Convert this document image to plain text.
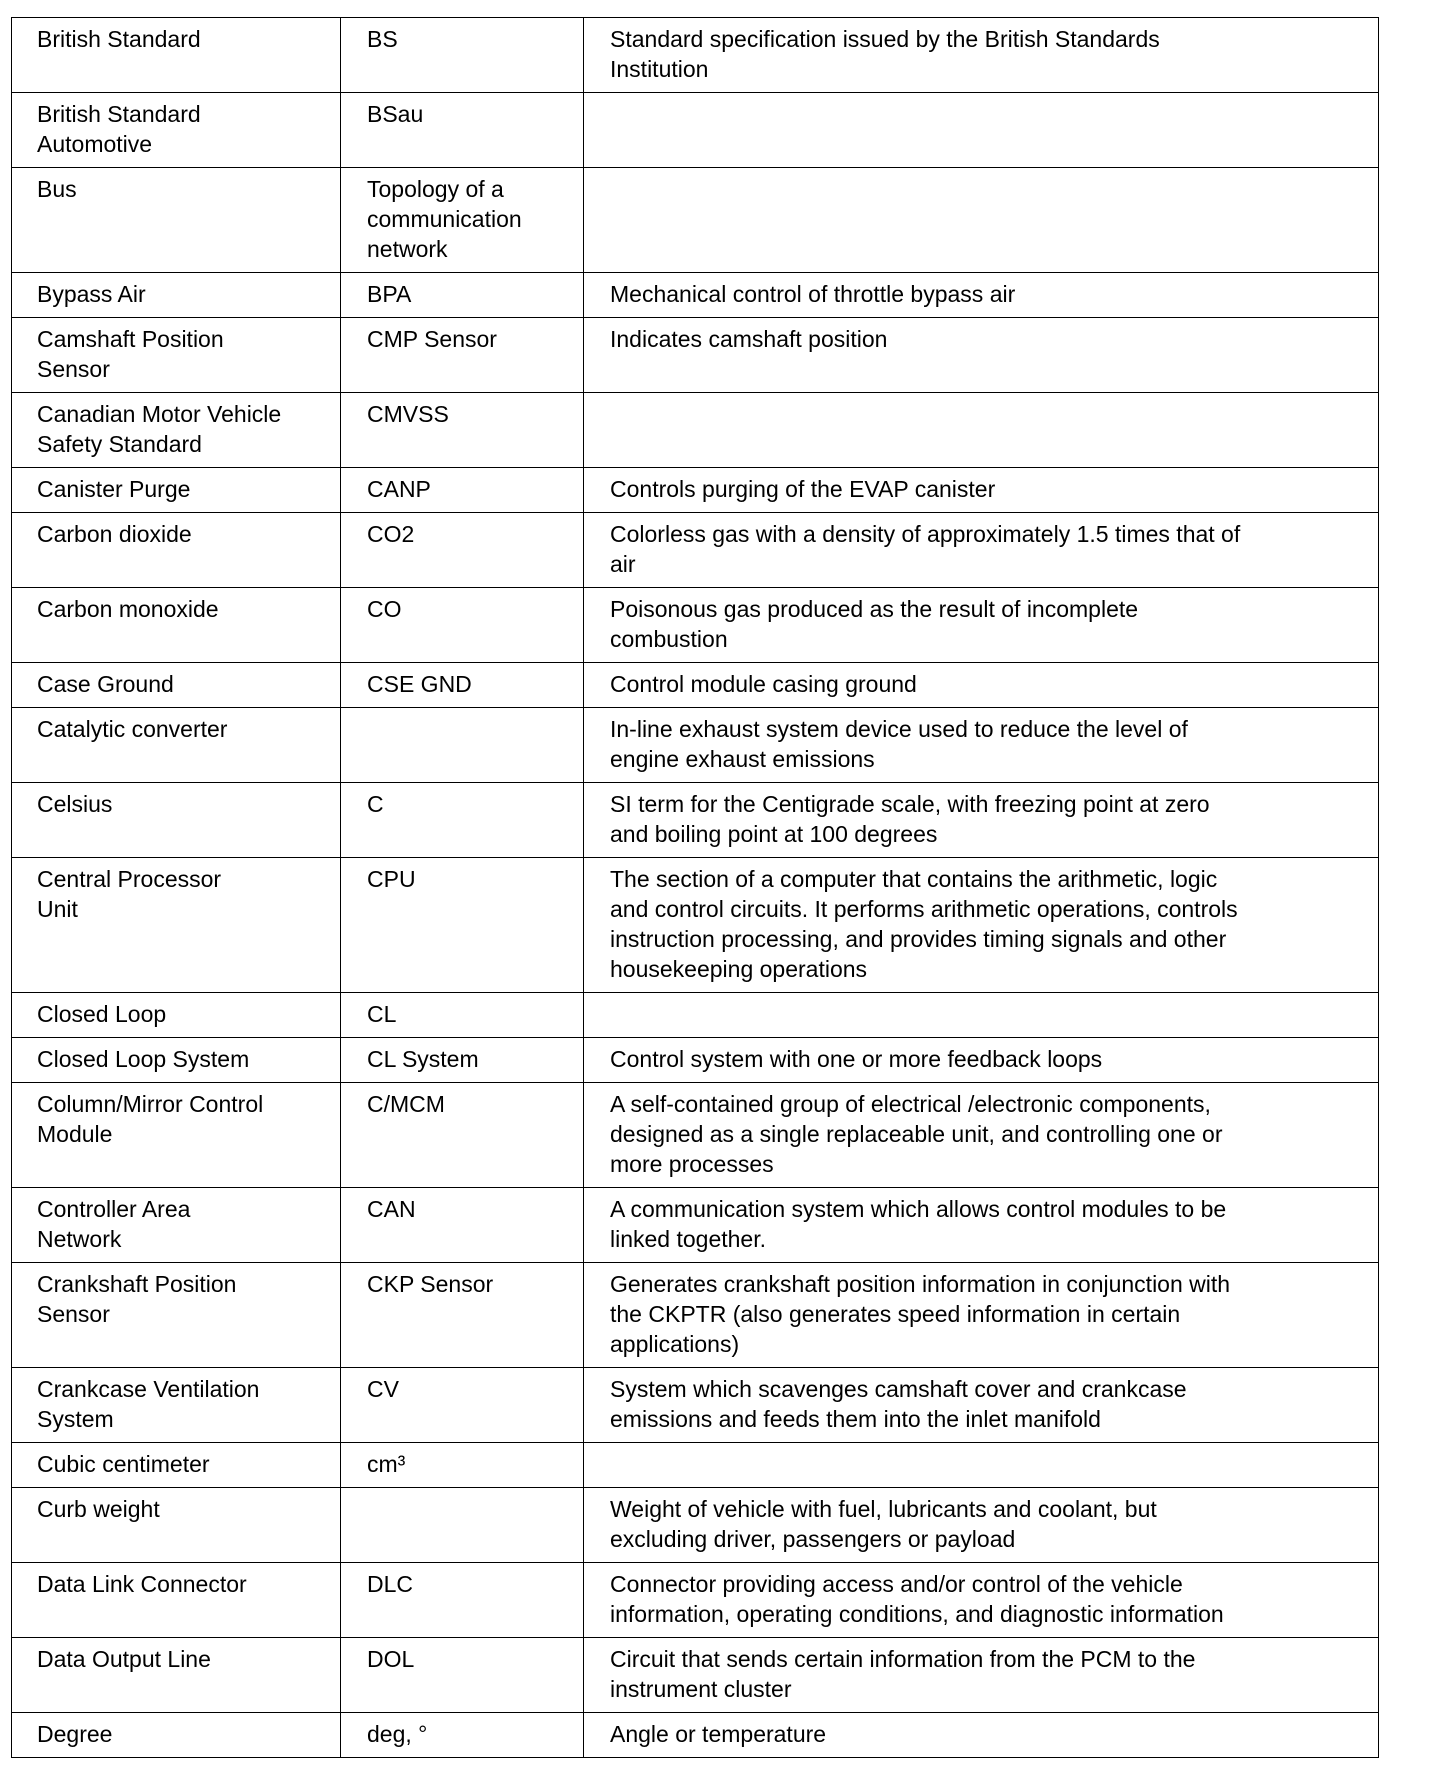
British Standard	BS	Standard specification issued by the British Standards
Institution
British Standard
Automotive	BSau	
Bus	Topology of a
communication
network	
Bypass Air	BPA	Mechanical control of throttle bypass air
Camshaft Position
Sensor	CMP Sensor	Indicates camshaft position
Canadian Motor Vehicle
Safety Standard	CMVSS	
Canister Purge	CANP	Controls purging of the EVAP canister
Carbon dioxide	CO2	Colorless gas with a density of approximately 1.5 times that of
air
Carbon monoxide	CO	Poisonous gas produced as the result of incomplete
combustion
Case Ground	CSE GND	Control module casing ground
Catalytic converter		In-line exhaust system device used to reduce the level of
engine exhaust emissions
Celsius	C	SI term for the Centigrade scale, with freezing point at zero
and boiling point at 100 degrees
Central Processor
Unit	CPU	The section of a computer that contains the arithmetic, logic
and control circuits. It performs arithmetic operations, controls
instruction processing, and provides timing signals and other
housekeeping operations
Closed Loop	CL	
Closed Loop System	CL System	Control system with one or more feedback loops
Column/Mirror Control
Module	C/MCM	A self-contained group of electrical /electronic components,
designed as a single replaceable unit, and controlling one or
more processes
Controller Area
Network	CAN	A communication system which allows control modules to be
linked together.
Crankshaft Position
Sensor	CKP Sensor	Generates crankshaft position information in conjunction with
the CKPTR (also generates speed information in certain
applications)
Crankcase Ventilation
System	CV	System which scavenges camshaft cover and crankcase
emissions and feeds them into the inlet manifold
Cubic centimeter	cm³	
Curb weight		Weight of vehicle with fuel, lubricants and coolant, but
excluding driver, passengers or payload
Data Link Connector	DLC	Connector providing access and/or control of the vehicle
information, operating conditions, and diagnostic information
Data Output Line	DOL	Circuit that sends certain information from the PCM to the
instrument cluster
Degree	deg, °	Angle or temperature
